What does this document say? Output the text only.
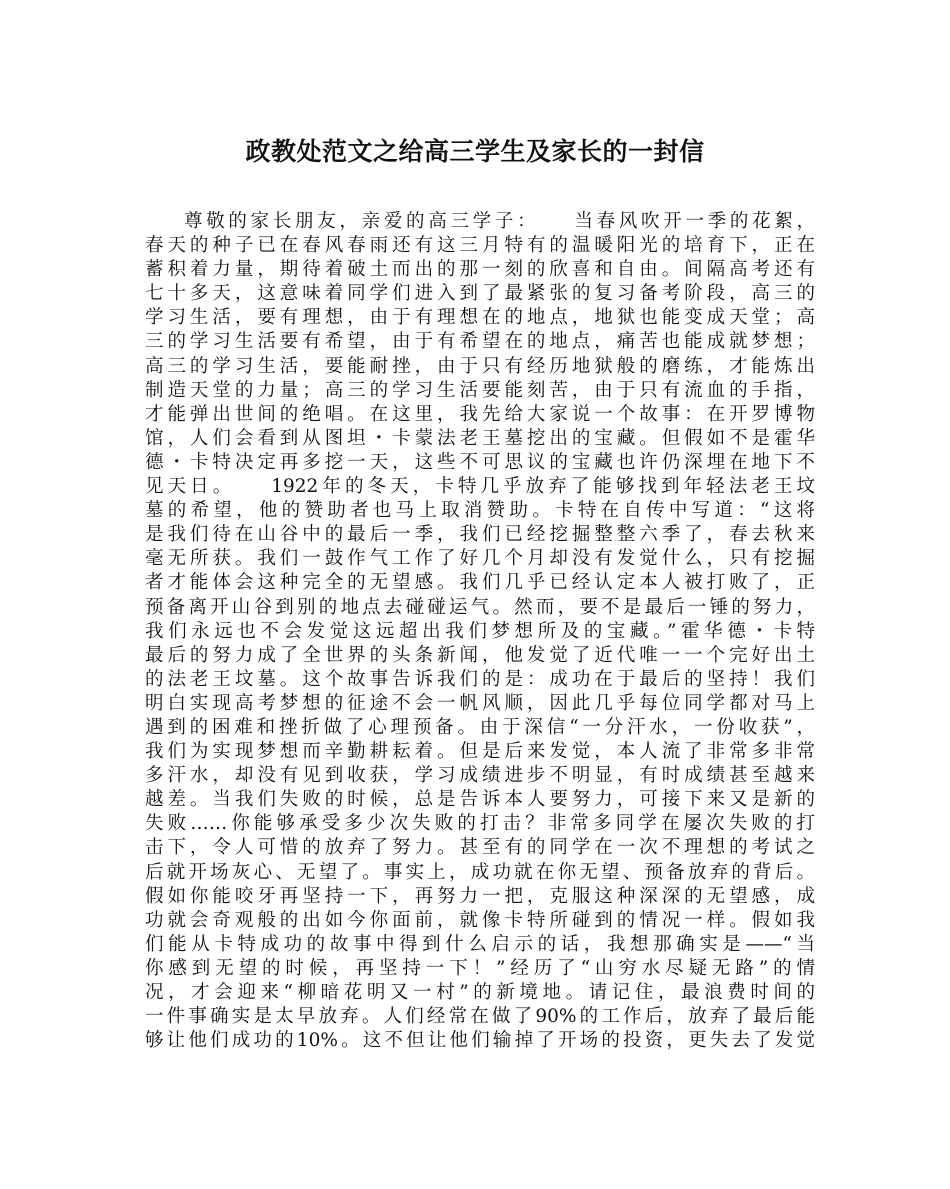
政教处范文之给高三学生及家长的一封信
尊敬的家长朋友，亲爱的高三学子：　　当春风吹开一季的花絮，
春天的种子已在春风春雨还有这三月特有的温暖阳光的培育下，正在
蓄积着力量，期待着破土而出的那一刻的欣喜和自由。间隔高考还有
七十多天，这意味着同学们进入到了最紧张的复习备考阶段，高三的
学习生活，要有理想，由于有理想在的地点，地狱也能变成天堂；高
三的学习生活要有希望，由于有希望在的地点，痛苦也能成就梦想；
高三的学习生活，要能耐挫，由于只有经历地狱般的磨练，才能炼出
制造天堂的力量；高三的学习生活要能刻苦，由于只有流血的手指，
才能弹出世间的绝唱。在这里，我先给大家说一个故事：在开罗博物
馆，人们会看到从图坦・卡蒙法老王墓挖出的宝藏。但假如不是霍华
德・卡特决定再多挖一天，这些不可思议的宝藏也许仍深埋在地下不
见天日。　　1922年的冬天，卡特几乎放弃了能够找到年轻法老王坟
墓的希望，他的赞助者也马上取消赞助。卡特在自传中写道：“这将
是我们待在山谷中的最后一季，我们已经挖掘整整六季了，春去秋来
毫无所获。我们一鼓作气工作了好几个月却没有发觉什么，只有挖掘
者才能体会这种完全的无望感。我们几乎已经认定本人被打败了，正
预备离开山谷到别的地点去碰碰运气。然而，要不是最后一锤的努力，
我们永远也不会发觉这远超出我们梦想所及的宝藏。”霍华德・卡特
最后的努力成了全世界的头条新闻，他发觉了近代唯一一个完好出土
的法老王坟墓。这个故事告诉我们的是：成功在于最后的坚持！我们
明白实现高考梦想的征途不会一帆风顺，因此几乎每位同学都对马上
遇到的困难和挫折做了心理预备。由于深信“一分汗水，一份收获”，
我们为实现梦想而辛勤耕耘着。但是后来发觉，本人流了非常多非常
多汗水，却没有见到收获，学习成绩进步不明显，有时成绩甚至越来
越差。当我们失败的时候，总是告诉本人要努力，可接下来又是新的
失败……你能够承受多少次失败的打击？非常多同学在屡次失败的打
击下，令人可惜的放弃了努力。甚至有的同学在一次不理想的考试之
后就开场灰心、无望了。事实上，成功就在你无望、预备放弃的背后。
假如你能咬牙再坚持一下，再努力一把，克服这种深深的无望感，成
功就会奇观般的出如今你面前，就像卡特所碰到的情况一样。假如我
们能从卡特成功的故事中得到什么启示的话，我想那确实是——“当
你感到无望的时候，再坚持一下！”经历了“山穷水尽疑无路”的情
况，才会迎来“柳暗花明又一村”的新境地。请记住，最浪费时间的
一件事确实是太早放弃。人们经常在做了90%的工作后，放弃了最后能
够让他们成功的10%。这不但让他们输掉了开场的投资，更失去了发觉
